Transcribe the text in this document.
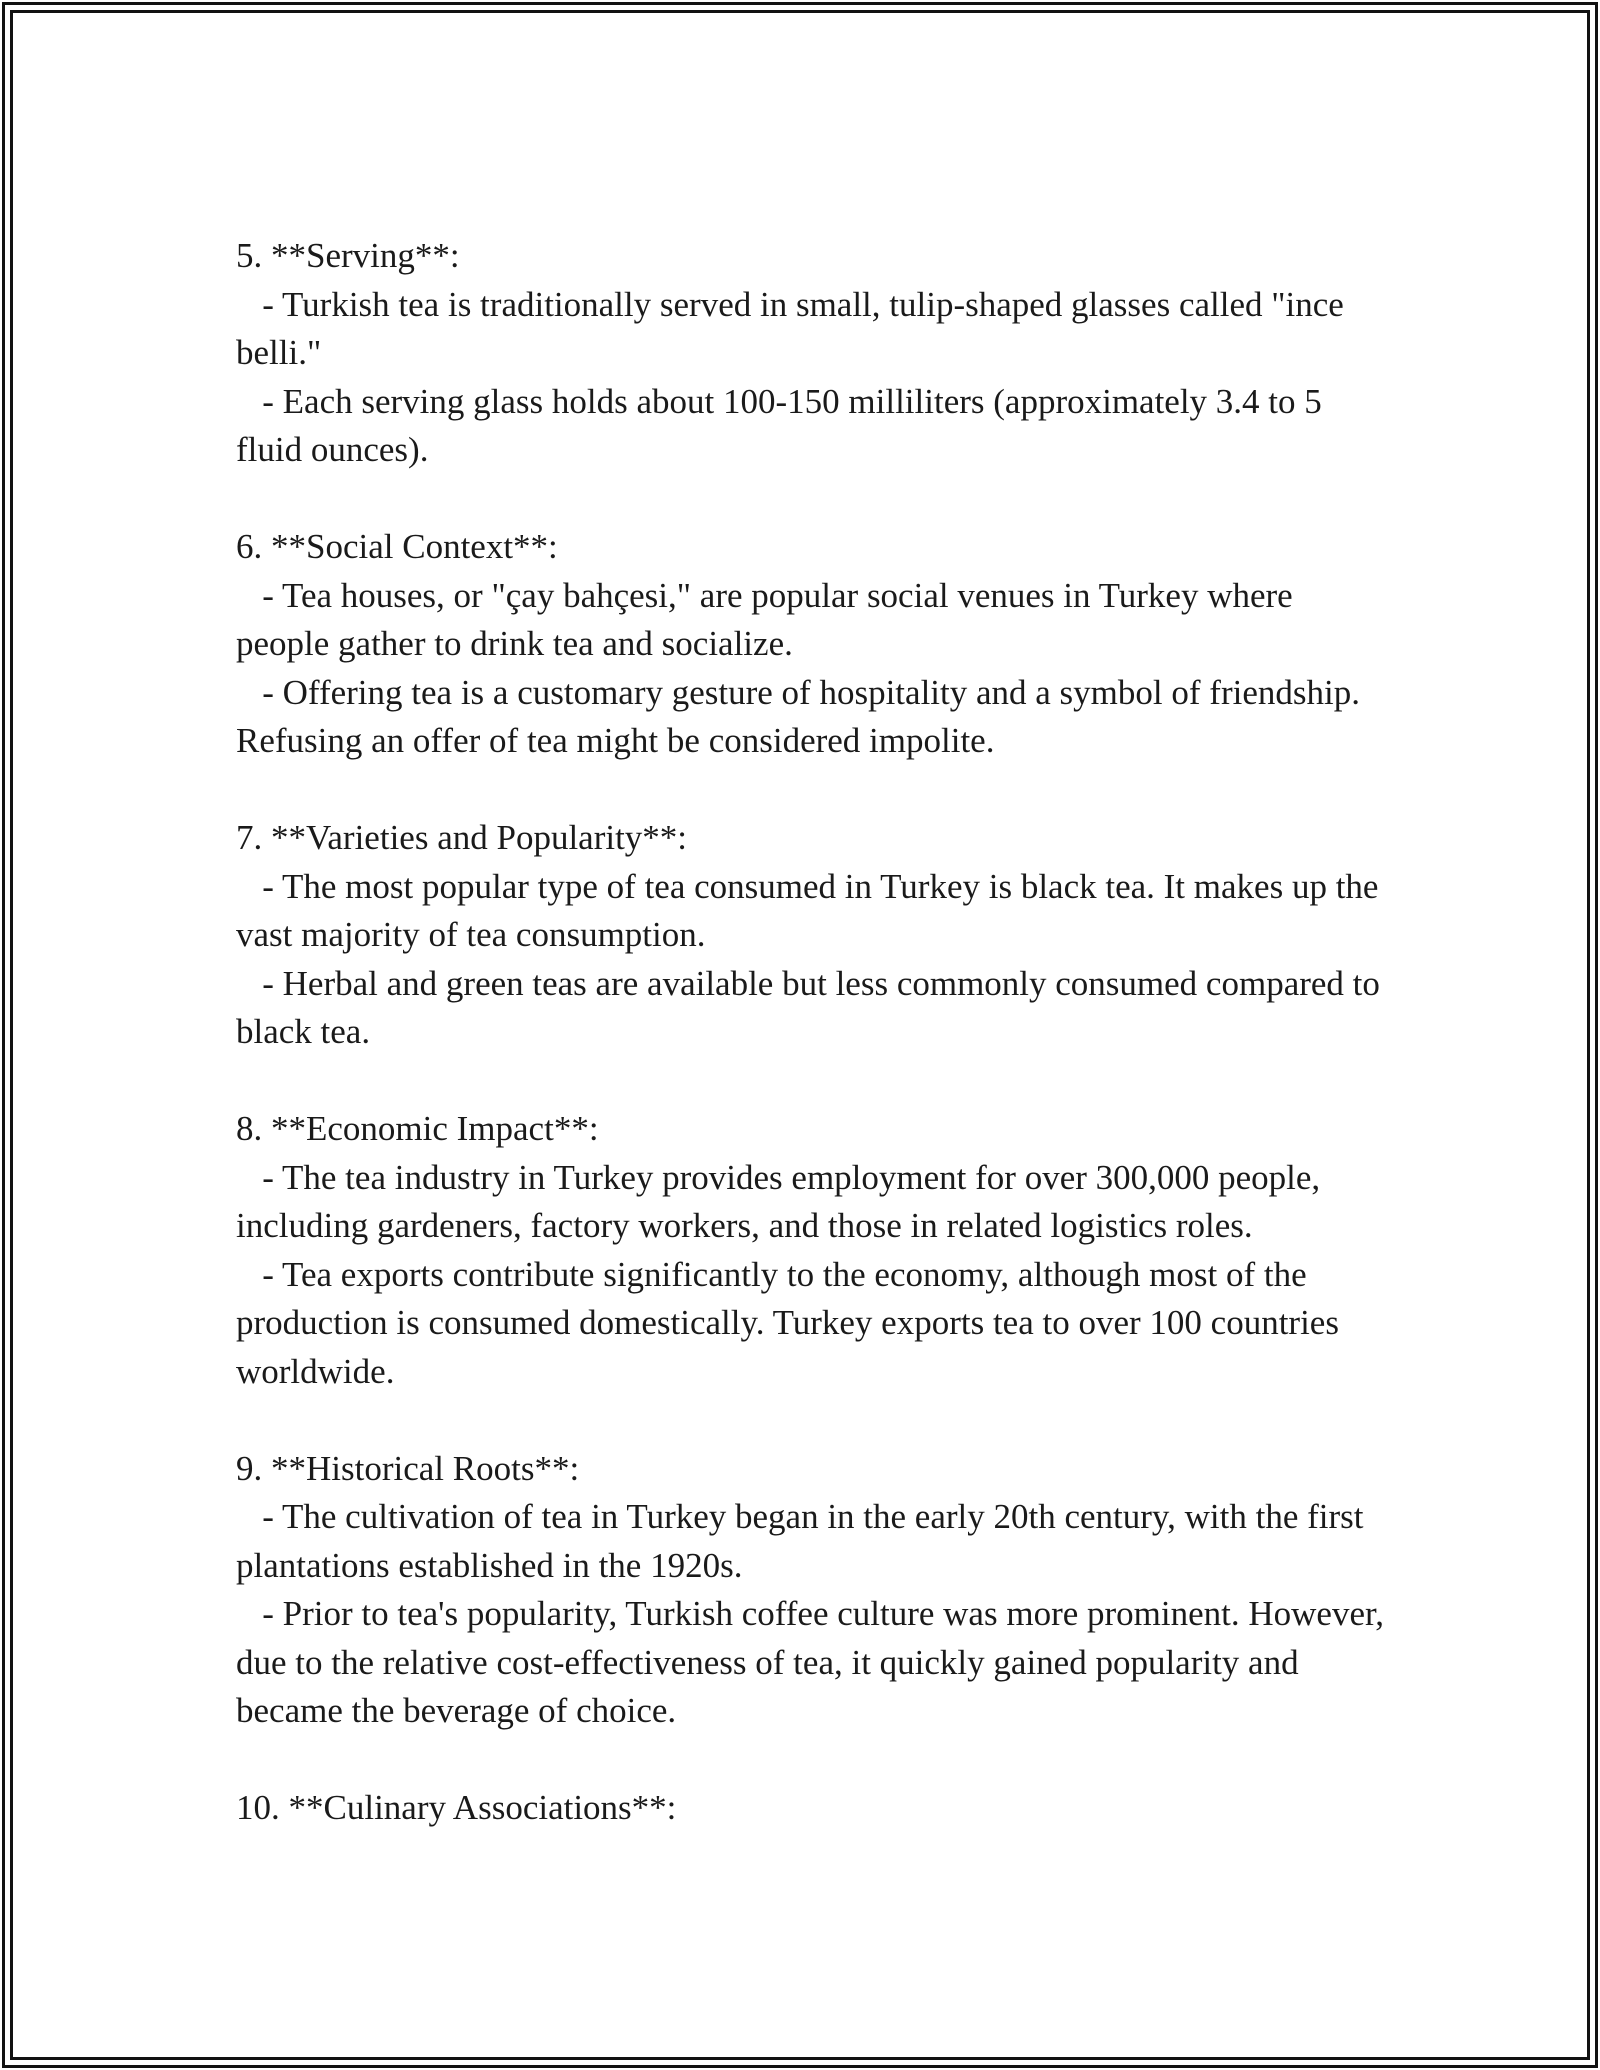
5. **Serving**:

- Turkish tea is traditionally served in small, tulip-shaped glasses called "ince belli."

- Each serving glass holds about 100-150 milliliters (approximately 3.4 to 5 fluid ounces).

6. **Social Context**:

- Tea houses, or "çay bahçesi," are popular social venues in Turkey where people gather to drink tea and socialize.

- Offering tea is a customary gesture of hospitality and a symbol of friendship. Refusing an offer of tea might be considered impolite.

7. **Varieties and Popularity**:

- The most popular type of tea consumed in Turkey is black tea. It makes up the vast majority of tea consumption.

- Herbal and green teas are available but less commonly consumed compared to black tea.

8. **Economic Impact**:

- The tea industry in Turkey provides employment for over 300,000 people, including gardeners, factory workers, and those in related logistics roles.

- Tea exports contribute significantly to the economy, although most of the production is consumed domestically. Turkey exports tea to over 100 countries worldwide.

9. **Historical Roots**:

- The cultivation of tea in Turkey began in the early 20th century, with the first plantations established in the 1920s.

- Prior to tea's popularity, Turkish coffee culture was more prominent. However, due to the relative cost-effectiveness of tea, it quickly gained popularity and became the beverage of choice.

10. **Culinary Associations**:
